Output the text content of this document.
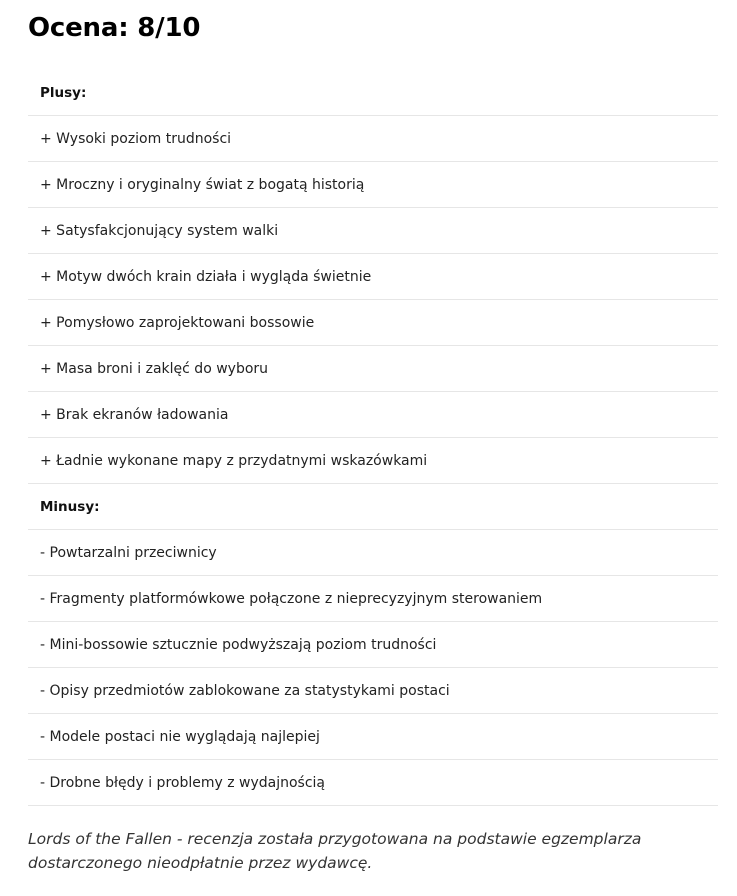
Ocena: 8/10
Plusy:
+ Wysoki poziom trudności
+ Mroczny i oryginalny świat z bogatą historią
+ Satysfakcjonujący system walki
+ Motyw dwóch krain działa i wygląda świetnie
+ Pomysłowo zaprojektowani bossowie
+ Masa broni i zaklęć do wyboru
+ Brak ekranów ładowania
+ Ładnie wykonane mapy z przydatnymi wskazówkami
Minusy:
- Powtarzalni przeciwnicy
- Fragmenty platformówkowe połączone z nieprecyzyjnym sterowaniem
- Mini-bossowie sztucznie podwyższają poziom trudności
- Opisy przedmiotów zablokowane za statystykami postaci
- Modele postaci nie wyglądają najlepiej
- Drobne błędy i problemy z wydajnością

Lords of the Fallen - recenzja została przygotowana na podstawie egzemplarza dostarczonego nieodpłatnie przez wydawcę.
